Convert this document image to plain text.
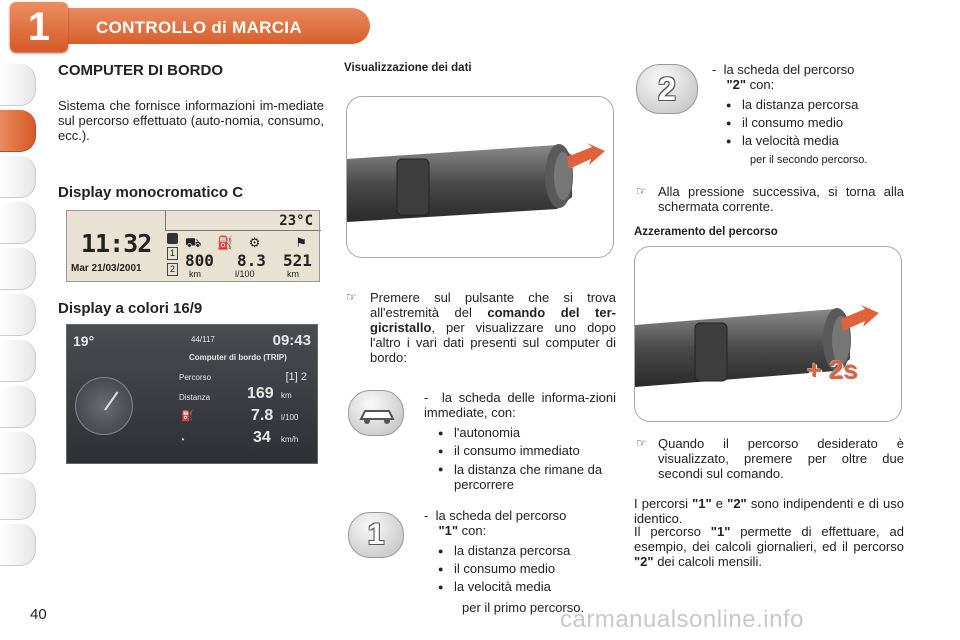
1	CONTROLLO di MARCIA
COMPUTER DI BORDO
Sistema che fornisce informazioni im-mediate sul percorso effettuato (auto-nomia, consumo, ecc.).
Display monocromatico C
23°C
11:32
Mar 21/03/2001
1
2
⛟ ⛽ ⚙   ⚑
800 8.3 521
km	l/100	km
Display a colori 16/9
19°	44/117	09:43
Computer di bordo (TRIP)
Percorso	[1] 2
Distanza 169 km
⛽	7.8 l/100
◔	34 km/h
Visualizzazione dei dati
☞ Premere sul pulsante che si trova all'estremità del comando del ter-gicristallo, per visualizzare uno dopo l'altro i vari dati presenti sul computer di bordo:
- la scheda delle informa-zioni immediate, con:
● l'autonomia
● il consumo immediato
● la distanza che rimane da percorrere
1
- la scheda del percorso
"1" con:
● la distanza percorsa
● il consumo medio
● la velocità media
per il primo percorso.
2
- la scheda del percorso
"2" con:
● la distanza percorsa
● il consumo medio
● la velocità media
per il secondo percorso.
☞ Alla pressione successiva, si torna alla schermata corrente.
Azzeramento del percorso
+ 2s
☞ Quando il percorso desiderato è visualizzato, premere per oltre due secondi sul comando.
I percorsi "1" e "2" sono indipendenti e di uso identico.
Il percorso "1" permette di effettuare, ad esempio, dei calcoli giornalieri, ed il percorso "2" dei calcoli mensili.
40	carmanualsonline.info
